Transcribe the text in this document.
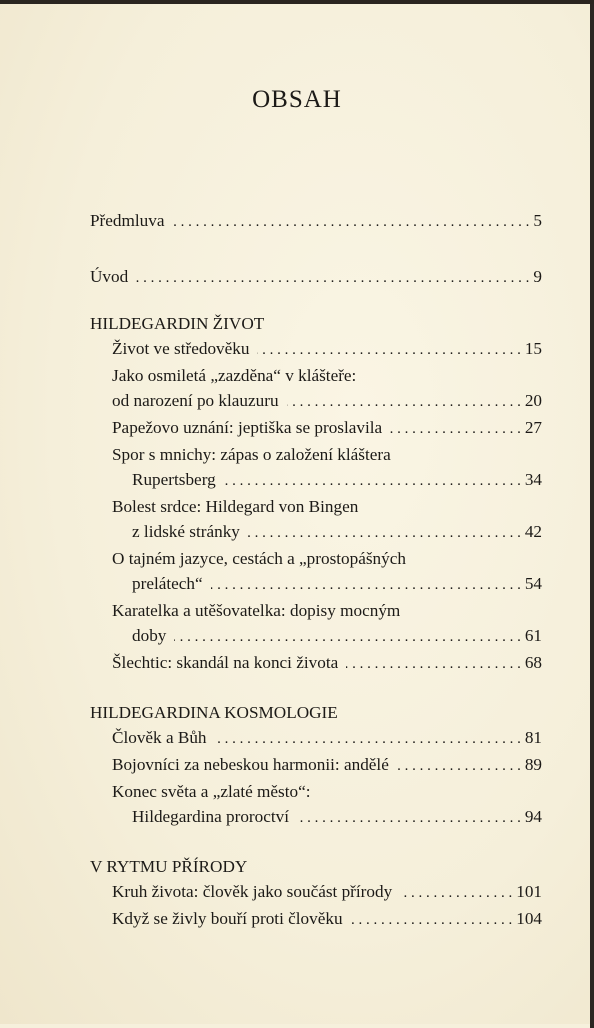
OBSAH
Předmluva . . .	5
Úvod . . .	9
HILDEGARDIN ŽIVOT
Život ve středověku . . .	15
Jako osmiletá „zazděna“ v klášteře:
od narození po klauzuru . . .	20
Papežovo uznání: jeptiška se proslavila . . .	27
Spor s mnichy: zápas o založení kláštera
Rupertsberg . . .	34
Bolest srdce: Hildegard von Bingen
z lidské stránky . . .	42
O tajném jazyce, cestách a „prostopášných
prelátech“ . . .	54
Karatelka a utěšovatelka: dopisy mocným
doby . . .	61
Šlechtic: skandál na konci života . . .	68
HILDEGARDINA KOSMOLOGIE
Člověk a Bůh . . .	81
Bojovníci za nebeskou harmonii: andělé . . .	89
Konec světa a „zlaté město“:
Hildegardina proroctví . . .	94
V RYTMU PŘÍRODY
Kruh života: člověk jako součást přírody . . .	101
Když se živly bouří proti člověku . . .	104
